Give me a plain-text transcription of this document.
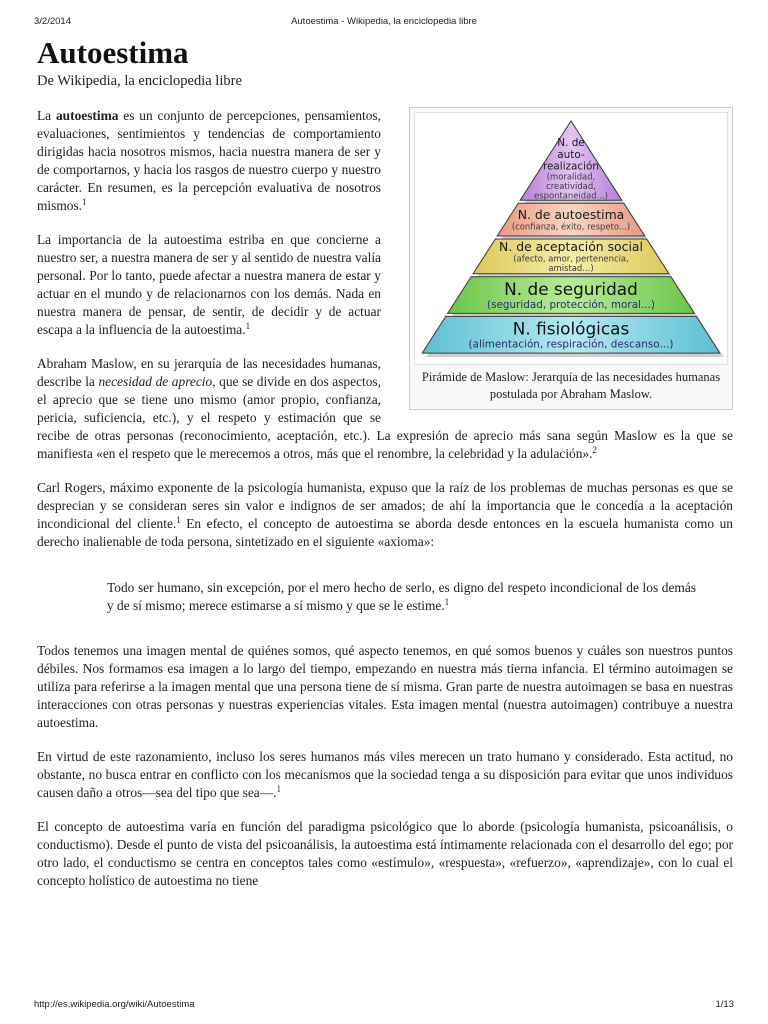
3/2/2014	Autoestima - Wikipedia, la enciclopedia libre
Autoestima
De Wikipedia, la enciclopedia libre
N. de
auto-
realización
(moralidad,
creatividad,
espontaneidad...)
N. de autoestima
(confianza, éxito, respeto...)
N. de aceptación social
(afecto, amor, pertenencia,
amistad...)
N. de seguridad
(seguridad, protección, moral...)
N. fisiológicas
(alimentación, respiración, descanso...)
Pirámide de Maslow: Jerarquía de las necesidades humanas postulada por Abraham Maslow.

La autoestima es un conjunto de percepciones, pensamientos, evaluaciones, sentimientos y tendencias de comportamiento dirigidas hacia nosotros mismos, hacia nuestra manera de ser y de comportarnos, y hacia los rasgos de nuestro cuerpo y nuestro carácter. En resumen, es la percepción evaluativa de nosotros mismos.$^1$

La importancia de la autoestima estriba en que concierne a nuestro ser, a nuestra manera de ser y al sentido de nuestra valía personal. Por lo tanto, puede afectar a nuestra manera de estar y actuar en el mundo y de relacionarnos con los demás. Nada en nuestra manera de pensar, de sentir, de decidir y de actuar escapa a la influencia de la autoestima.$^1$

Abraham Maslow, en su jerarquía de las necesidades humanas, describe la necesidad de aprecio, que se divide en dos aspectos, el aprecio que se tiene uno mismo (amor propio, confianza, pericia, suficiencia, etc.), y el respeto y estimación que se recibe de otras personas (reconocimiento, aceptación, etc.). La expresión de aprecio más sana según Maslow es la que se manifiesta «en el respeto que le merecemos a otros, más que el renombre, la celebridad y la adulación».$^2$

Carl Rogers, máximo exponente de la psicología humanista, expuso que la raíz de los problemas de muchas personas es que se desprecian y se consideran seres sin valor e indignos de ser amados; de ahí la importancia que le concedía a la aceptación incondicional del cliente.$^1$ En efecto, el concepto de autoestima se aborda desde entonces en la escuela humanista como un derecho inalienable de toda persona, sintetizado en el siguiente «axioma»:

Todo ser humano, sin excepción, por el mero hecho de serlo, es digno del respeto incondicional de los demás y de sí mismo; merece estimarse a sí mismo y que se le estime.$^1$

Todos tenemos una imagen mental de quiénes somos, qué aspecto tenemos, en qué somos buenos y cuáles son nuestros puntos débiles. Nos formamos esa imagen a lo largo del tiempo, empezando en nuestra más tierna infancia. El término autoimagen se utiliza para referirse a la imagen mental que una persona tiene de sí misma. Gran parte de nuestra autoimagen se basa en nuestras interacciones con otras personas y nuestras experiencias vitales. Esta imagen mental (nuestra autoimagen) contribuye a nuestra autoestima.

En virtud de este razonamiento, incluso los seres humanos más viles merecen un trato humano y considerado. Esta actitud, no obstante, no busca entrar en conflicto con los mecanismos que la sociedad tenga a su disposición para evitar que unos individuos causen daño a otros—sea del tipo que sea—.$^1$

El concepto de autoestima varía en función del paradigma psicológico que lo aborde (psicología humanista, psicoanálisis, o conductismo). Desde el punto de vista del psicoanálisis, la autoestima está íntimamente relacionada con el desarrollo del ego; por otro lado, el conductismo se centra en conceptos tales como «estímulo», «respuesta», «refuerzo», «aprendizaje», con lo cual el concepto holístico de autoestima no tiene

http://es.wikipedia.org/wiki/Autoestima	1/13
